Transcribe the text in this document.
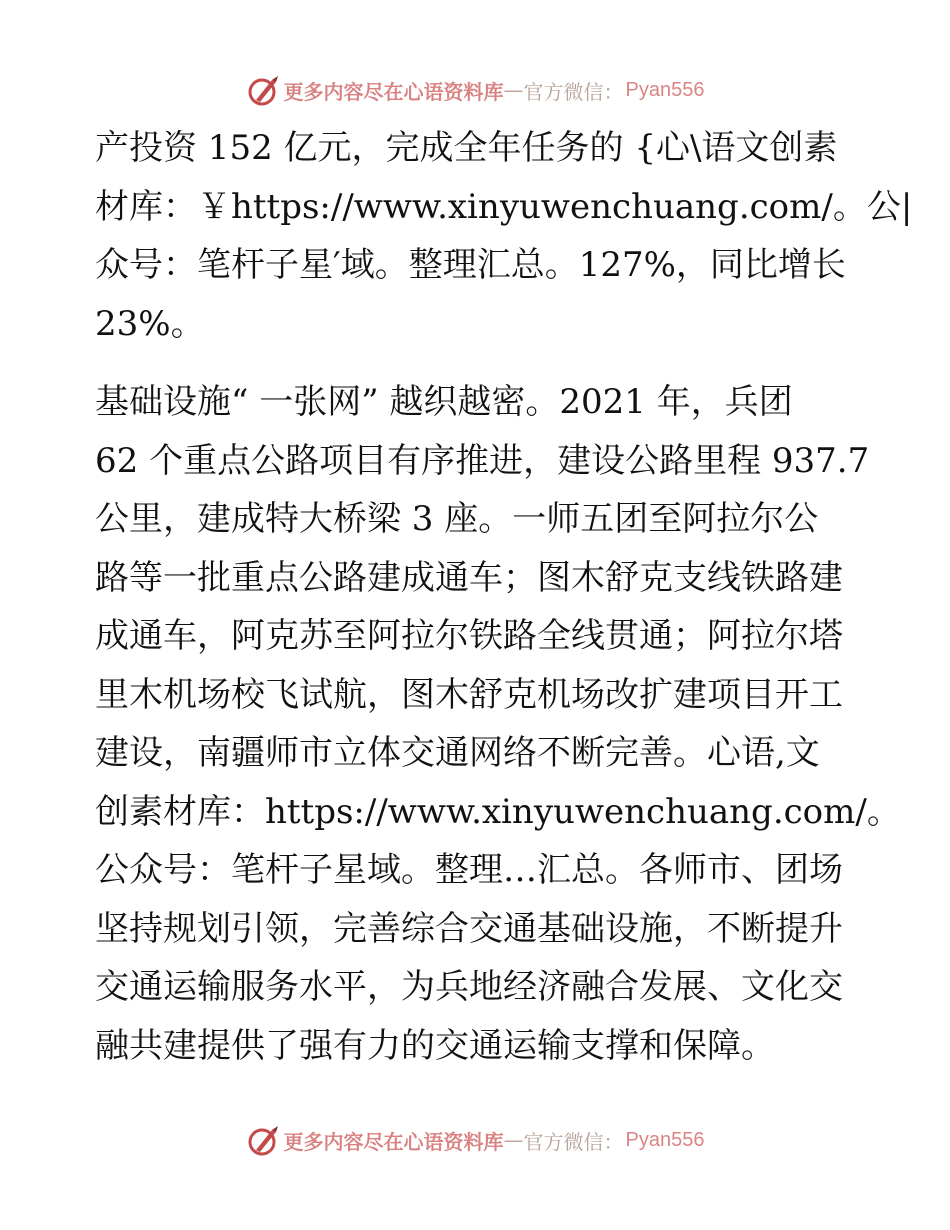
更多内容尽在心语资料库 — 官方微信： Pyan556
产投资 152 亿元，完成全年任务的 {心\语文创素
材库：￥https://www.xinyuwenchuang.com/。公|
众号：笔杆子星′域。整理汇总。127%，同比增长
23%。
基础设施“ 一张网” 越织越密。2021 年，兵团
62 个重点公路项目有序推进，建设公路里程 937.7
公里，建成特大桥梁 3 座。一师五团至阿拉尔公
路等一批重点公路建成通车；图木舒克支线铁路建
成通车，阿克苏至阿拉尔铁路全线贯通；阿拉尔塔
里木机场校飞试航，图木舒克机场改扩建项目开工
建设，南疆师市立体交通网络不断完善。心语,文
创素材库：https://www.xinyuwenchuang.com/。
公众号：笔杆子星域。整理…汇总。各师市、团场
坚持规划引领，完善综合交通基础设施，不断提升
交通运输服务水平，为兵地经济融合发展、文化交
融共建提供了强有力的交通运输支撑和保障。
更多内容尽在心语资料库 — 官方微信： Pyan556
